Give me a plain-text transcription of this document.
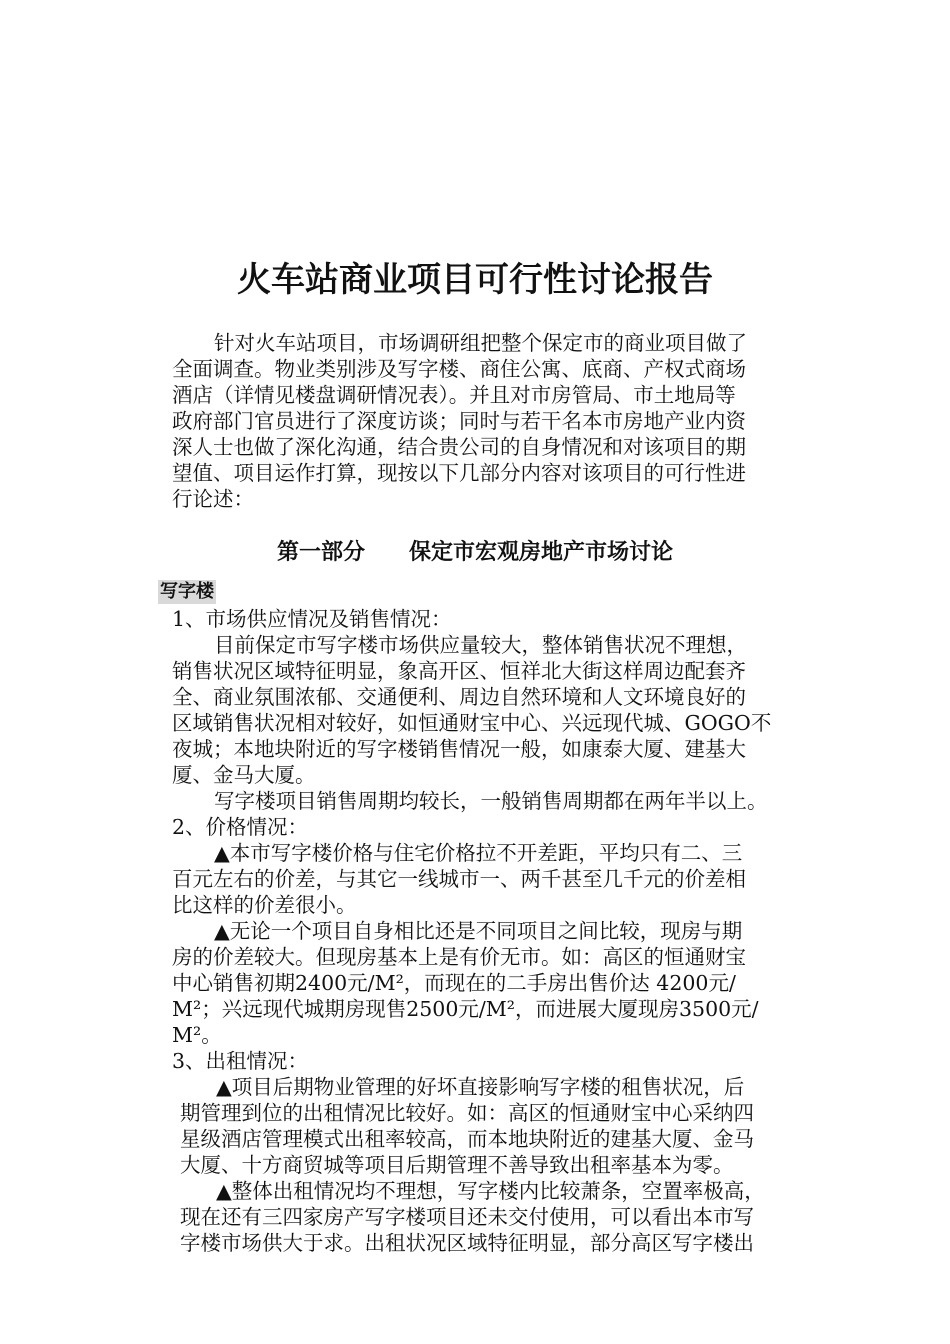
火车站商业项目可行性讨论报告
针对火车站项目，市场调研组把整个保定市的商业项目做了
全面调查。物业类别涉及写字楼、商住公寓、底商、产权式商场
酒店（详情见楼盘调研情况表）。并且对市房管局、市土地局等
政府部门官员进行了深度访谈；同时与若干名本市房地产业内资
深人士也做了深化沟通，结合贵公司的自身情况和对该项目的期
望值、项目运作打算，现按以下几部分内容对该项目的可行性进
行论述：
第一部分　　保定市宏观房地产市场讨论
写字楼
1、市场供应情况及销售情况：
目前保定市写字楼市场供应量较大，整体销售状况不理想，
销售状况区域特征明显，象高开区、恒祥北大街这样周边配套齐
全、商业氛围浓郁、交通便利、周边自然环境和人文环境良好的
区域销售状况相对较好，如恒通财宝中心、兴远现代城、GOGO不
夜城；本地块附近的写字楼销售情况一般，如康泰大厦、建基大
厦、金马大厦。
写字楼项目销售周期均较长，一般销售周期都在两年半以上。
2、价格情况：
▲本市写字楼价格与住宅价格拉不开差距，平均只有二、三
百元左右的价差，与其它一线城市一、两千甚至几千元的价差相
比这样的价差很小。
▲无论一个项目自身相比还是不同项目之间比较，现房与期
房的价差较大。但现房基本上是有价无市。如：高区的恒通财宝
中心销售初期2400元/M²，而现在的二手房出售价达 4200元/
M²；兴远现代城期房现售2500元/M²，而进展大厦现房3500元/
M²。
3、出租情况：
▲项目后期物业管理的好坏直接影响写字楼的租售状况，后
期管理到位的出租情况比较好。如：高区的恒通财宝中心采纳四
星级酒店管理模式出租率较高，而本地块附近的建基大厦、金马
大厦、十方商贸城等项目后期管理不善导致出租率基本为零。
▲整体出租情况均不理想，写字楼内比较萧条，空置率极高，
现在还有三四家房产写字楼项目还未交付使用，可以看出本市写
字楼市场供大于求。出租状况区域特征明显，部分高区写字楼出
